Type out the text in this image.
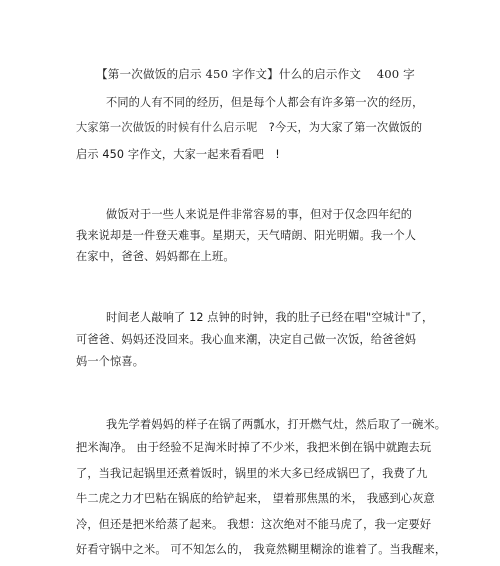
【第一次做饭的启示 450 字作文】什么的启示作文　 400 字
不同的人有不同的经历，但是每个人都会有许多第一次的经历，
大家第一次做饭的时候有什么启示呢　?今天，为大家了第一次做饭的
启示 450 字作文，大家一起来看看吧　!
做饭对于一些人来说是件非常容易的事，但对于仅念四年纪的
我来说却是一件登天难事。星期天，天气晴朗、阳光明媚。我一个人
在家中，爸爸、妈妈都在上班。
时间老人敲响了 12 点钟的时钟，我的肚子已经在唱"空城计"了，
可爸爸、妈妈还没回来。我心血来潮，决定自己做一次饭，给爸爸妈
妈一个惊喜。
我先学着妈妈的样子在锅了两瓢水，打开燃气灶，然后取了一碗米。
把米淘净。 由于经验不足淘米时掉了不少米，我把米倒在锅中就跑去玩
了，当我记起锅里还煮着饭时，锅里的米大多已经成锅巴了，我费了九
牛二虎之力才巴粘在锅底的给铲起来， 望着那焦黑的米， 我感到心灰意
冷，但还是把米给蒸了起来。 我想：这次绝对不能马虎了，我一定要好
好看守锅中之米。 可不知怎么的， 我竟然糊里糊涂的谁着了。当我醒来，
